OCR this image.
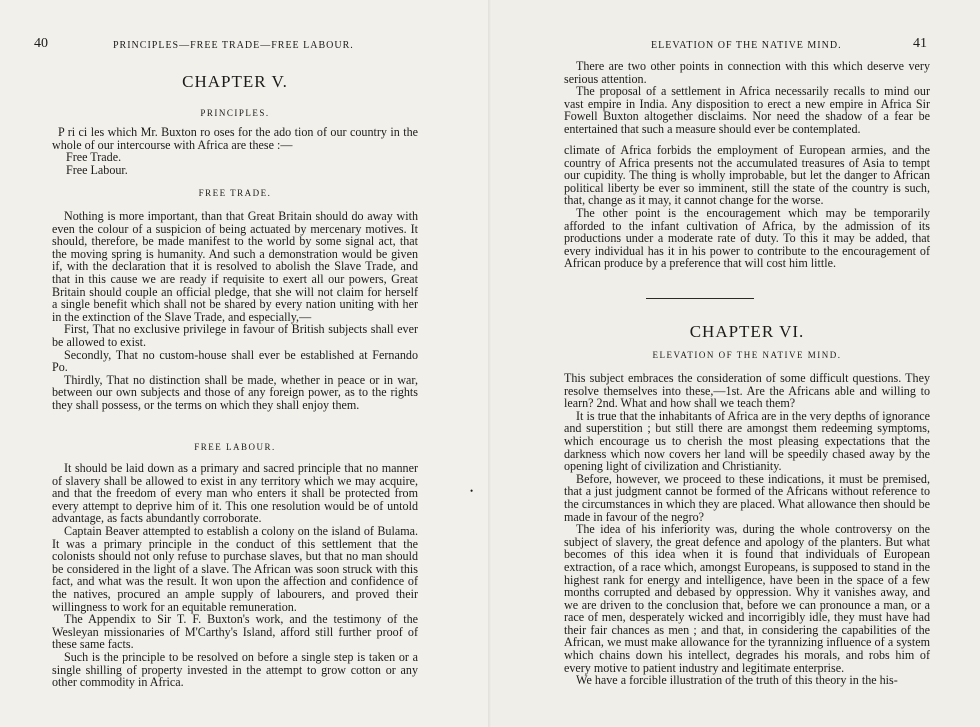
40	PRINCIPLES—FREE TRADE—FREE LABOUR.
CHAPTER V.
PRINCIPLES.

P ri ci les which Mr. Buxton ro oses for the ado tion of our country in the whole of our intercourse with Africa are these :—

Free Trade.

Free Labour.

FREE TRADE.

Nothing is more important, than that Great Britain should do away with even the colour of a suspicion of being actuated by mercenary motives. It should, therefore, be made manifest to the world by some signal act, that the moving spring is humanity. And such a demonstration would be given if, with the declaration that it is resolved to abolish the Slave Trade, and that in this cause we are ready if requisite to exert all our powers, Great Britain should couple an official pledge, that she will not claim for herself a single benefit which shall not be shared by every nation uniting with her in the extinction of the Slave Trade, and especially,—

First, That no exclusive privilege in favour of British subjects shall ever be allowed to exist.

Secondly, That no custom-house shall ever be established at Fernando Po.

Thirdly, That no distinction shall be made, whether in peace or in war, between our own subjects and those of any foreign power, as to the rights they shall possess, or the terms on which they shall enjoy them.

FREE LABOUR.

It should be laid down as a primary and sacred principle that no manner of slavery shall be allowed to exist in any territory which we may acquire, and that the freedom of every man who enters it shall be protected from every attempt to deprive him of it. This one resolution would be of untold advantage, as facts abundantly corroborate.

Captain Beaver attempted to establish a colony on the island of Bulama. It was a primary principle in the conduct of this settlement that the colonists should not only refuse to purchase slaves, but that no man should be considered in the light of a slave. The African was soon struck with this fact, and what was the result. It won upon the affection and confidence of the natives, procured an ample supply of labourers, and proved their willingness to work for an equitable remuneration.

The Appendix to Sir T. F. Buxton's work, and the testimony of the Wesleyan missionaries of M'Carthy's Island, afford still further proof of these same facts.

Such is the principle to be resolved on before a single step is taken or a single shilling of property invested in the attempt to grow cotton or any other commodity in Africa.

•
ELEVATION OF THE NATIVE MIND.	41

There are two other points in connection with this which deserve very serious attention.

The proposal of a settlement in Africa necessarily recalls to mind our vast empire in India. Any disposition to erect a new empire in Africa Sir Fowell Buxton altogether disclaims. Nor need the shadow of a fear be entertained that such a measure should ever be contemplated.

climate of Africa forbids the employment of European armies, and the country of Africa presents not the accumulated treasures of Asia to tempt our cupidity. The thing is wholly improbable, but let the danger to African political liberty be ever so imminent, still the state of the country is such, that, change as it may, it cannot change for the worse.

The other point is the encouragement which may be temporarily afforded to the infant cultivation of Africa, by the admission of its productions under a moderate rate of duty. To this it may be added, that every individual has it in his power to contribute to the encouragement of African produce by a preference that will cost him little.

CHAPTER VI.
ELEVATION OF THE NATIVE MIND.

This subject embraces the consideration of some difficult questions. They resolve themselves into these,—1st. Are the Africans able and willing to learn? 2nd. What and how shall we teach them?

It is true that the inhabitants of Africa are in the very depths of ignorance and superstition ; but still there are amongst them redeeming symptoms, which encourage us to cherish the most pleasing expectations that the darkness which now covers her land will be speedily chased away by the opening light of civilization and Christianity.

Before, however, we proceed to these indications, it must be premised, that a just judgment cannot be formed of the Africans without reference to the circumstances in which they are placed. What allowance then should be made in favour of the negro?

The idea of his inferiority was, during the whole controversy on the subject of slavery, the great defence and apology of the planters. But what becomes of this idea when it is found that individuals of European extraction, of a race which, amongst Europeans, is supposed to stand in the highest rank for energy and intelligence, have been in the space of a few months corrupted and debased by oppression. Why it vanishes away, and we are driven to the conclusion that, before we can pronounce a man, or a race of men, desperately wicked and incorrigibly idle, they must have had their fair chances as men ; and that, in considering the capabilities of the African, we must make allowance for the tyrannizing influence of a system which chains down his intellect, degrades his morals, and robs him of every motive to patient industry and legitimate enterprise.

We have a forcible illustration of the truth of this theory in the his-
